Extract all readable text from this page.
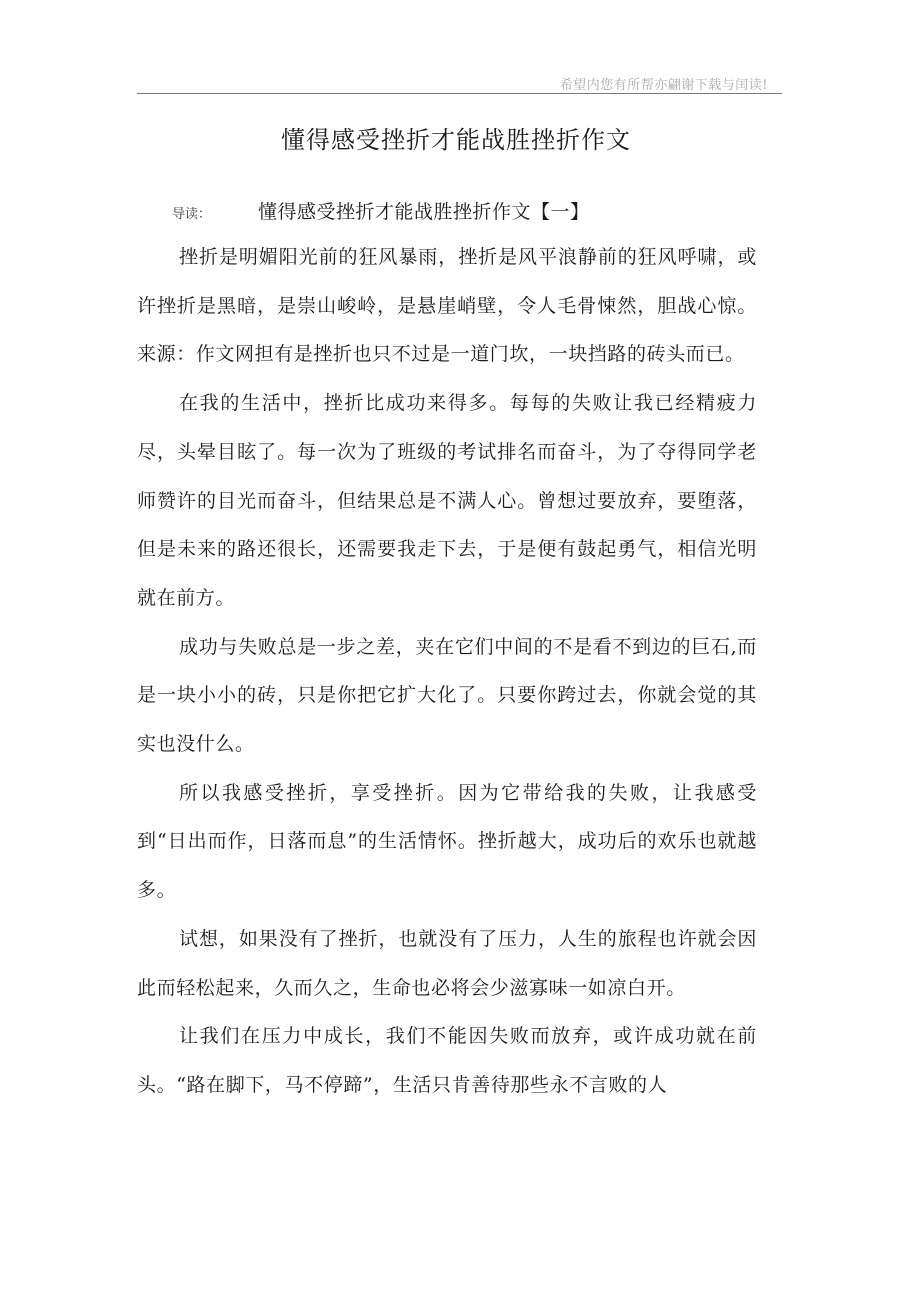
希望内您有所帮亦翩谢下载与闰读!
懂得感受挫折才能战胜挫折作文
导读：	懂得感受挫折才能战胜挫折作文【一】

挫折是明媚阳光前的狂风暴雨，挫折是风平浪静前的狂风呼啸，或许挫折是黑暗，是崇山峻岭，是悬崖峭壁，令人毛骨悚然，胆战心惊。来源：作文网担有是挫折也只不过是一道门坎，一块挡路的砖头而已。

在我的生活中，挫折比成功来得多。每每的失败让我已经精疲力尽，头晕目眩了。每一次为了班级的考试排名而奋斗，为了夺得同学老师赞许的目光而奋斗，但结果总是不满人心。曾想过要放弃，要堕落，但是未来的路还很长，还需要我走下去，于是便有鼓起勇气，相信光明就在前方。

成功与失败总是一步之差，夹在它们中间的不是看不到边的巨石,而是一块小小的砖，只是你把它扩大化了。只要你跨过去，你就会觉的其实也没什么。

所以我感受挫折，享受挫折。因为它带给我的失败，让我感受到“日出而作，日落而息”的生活情怀。挫折越大，成功后的欢乐也就越多。

试想，如果没有了挫折，也就没有了压力，人生的旅程也许就会因此而轻松起来，久而久之，生命也必将会少滋寡味一如凉白开。

让我们在压力中成长，我们不能因失败而放弃，或许成功就在前头。“路在脚下，马不停蹄”，生活只肯善待那些永不言败的人
